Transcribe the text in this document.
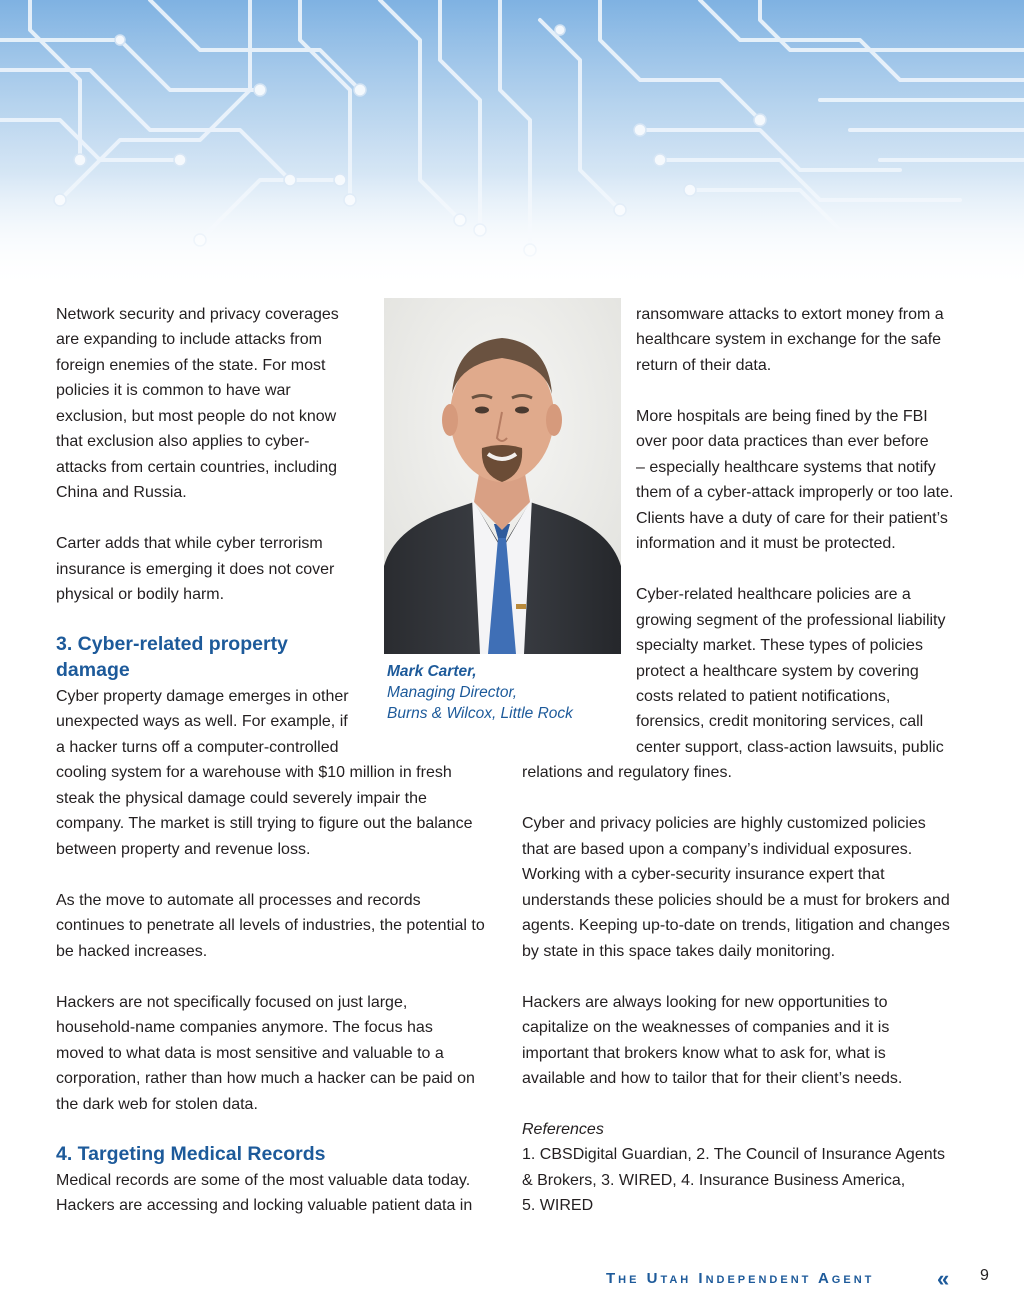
Network security and privacy coverages
are expanding to include attacks from
foreign enemies of the state. For most
policies it is common to have war
exclusion, but most people do not know
that exclusion also applies to cyber-
attacks from certain countries, including
China and Russia.
Carter adds that while cyber terrorism
insurance is emerging it does not cover
physical or bodily harm.
3. Cyber-related property
damage
Cyber property damage emerges in other
unexpected ways as well. For example, if
a hacker turns off a computer-controlled
cooling system for a warehouse with $10 million in fresh
steak the physical damage could severely impair the
company. The market is still trying to figure out the balance
between property and revenue loss.
As the move to automate all processes and records
continues to penetrate all levels of industries, the potential to
be hacked increases.
Hackers are not specifically focused on just large,
household-name companies anymore. The focus has
moved to what data is most sensitive and valuable to a
corporation, rather than how much a hacker can be paid on
the dark web for stolen data.
4. Targeting Medical Records
Medical records are some of the most valuable data today.
Hackers are accessing and locking valuable patient data in
Mark Carter,
Managing Director,
Burns & Wilcox, Little Rock
ransomware attacks to extort money from a
healthcare system in exchange for the safe
return of their data.
More hospitals are being fined by the FBI
over poor data practices than ever before
– especially healthcare systems that notify
them of a cyber-attack improperly or too late.
Clients have a duty of care for their patient’s
information and it must be protected.
Cyber-related healthcare policies are a
growing segment of the professional liability
specialty market. These types of policies
protect a healthcare system by covering
costs related to patient notifications,
forensics, credit monitoring services, call
center support, class-action lawsuits, public
relations and regulatory fines.
Cyber and privacy policies are highly customized policies
that are based upon a company’s individual exposures.
Working with a cyber-security insurance expert that
understands these policies should be a must for brokers and
agents. Keeping up-to-date on trends, litigation and changes
by state in this space takes daily monitoring.
Hackers are always looking for new opportunities to
capitalize on the weaknesses of companies and it is
important that brokers know what to ask for, what is
available and how to tailor that for their client’s needs.
References
1. CBSDigital Guardian, 2. The Council of Insurance Agents
& Brokers, 3. WIRED, 4. Insurance Business America,
5. WIRED
The Utah Independent Agent	« 9
